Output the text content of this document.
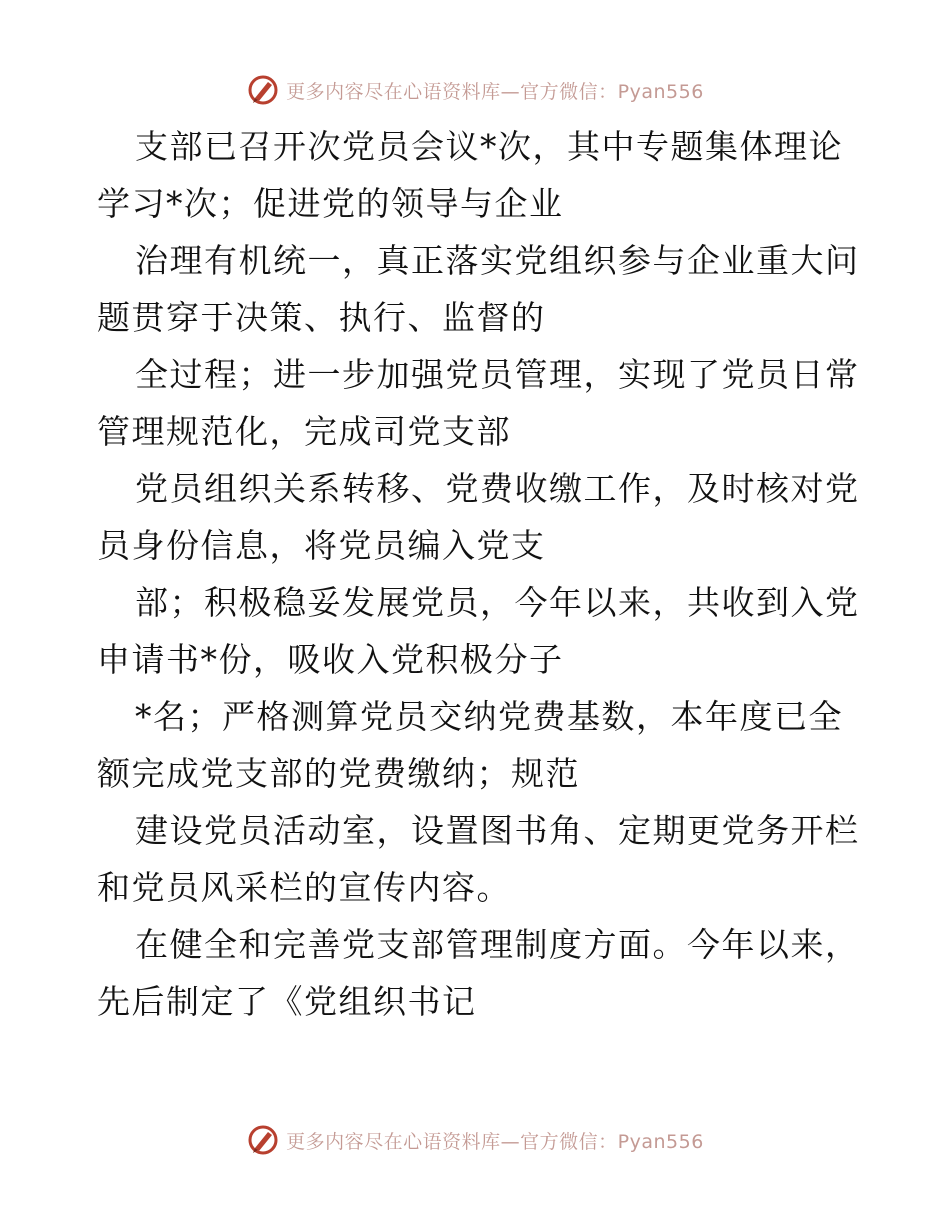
更多内容尽在心语资料库—官方微信：Pyan556
支部已召开次党员会议*次，其中专题集体理论
学习*次；促进党的领导与企业
治理有机统一，真正落实党组织参与企业重大问
题贯穿于决策、执行、监督的
全过程；进一步加强党员管理，实现了党员日常
管理规范化，完成司党支部
党员组织关系转移、党费收缴工作，及时核对党
员身份信息，将党员编入党支
部；积极稳妥发展党员，今年以来，共收到入党
申请书*份，吸收入党积极分子
*名；严格测算党员交纳党费基数，本年度已全
额完成党支部的党费缴纳；规范
建设党员活动室，设置图书角、定期更党务开栏
和党员风采栏的宣传内容。
在健全和完善党支部管理制度方面。今年以来，
先后制定了《党组织书记
更多内容尽在心语资料库—官方微信：Pyan556
